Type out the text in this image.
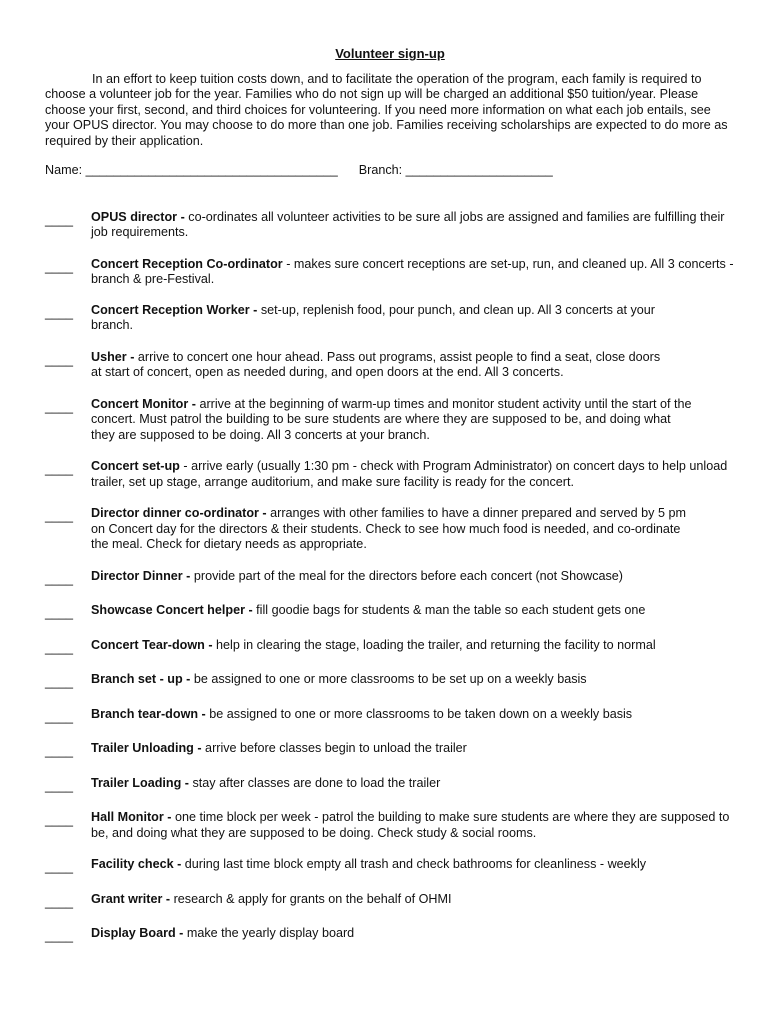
Volunteer sign-up

In an effort to keep tuition costs down, and to facilitate the operation of the program, each family is required to choose a volunteer job for the year. Families who do not sign up will be charged an additional $50 tuition/year. Please choose your first, second, and third choices for volunteering. If you need more information on what each job entails, see your OPUS director. You may choose to do more than one job. Families receiving scholarships are expected to do more as required by their application.

Name: ____________________________________ Branch: _____________________
____	OPUS director - co-ordinates all volunteer activities to be sure all jobs are assigned and families are fulfilling their job requirements.
____	Concert Reception Co-ordinator - makes sure concert receptions are set-up, run, and cleaned up. All 3 concerts - branch & pre-Festival.
____	Concert Reception Worker - set-up, replenish food, pour punch, and clean up. All 3 concerts at your branch.
____	Usher - arrive to concert one hour ahead. Pass out programs, assist people to find a seat, close doors at start of concert, open as needed during, and open doors at the end. All 3 concerts.
____	Concert Monitor - arrive at the beginning of warm-up times and monitor student activity until the start of the concert. Must patrol the building to be sure students are where they are supposed to be, and doing what they are supposed to be doing. All 3 concerts at your branch.
____	Concert set-up - arrive early (usually 1:30 pm - check with Program Administrator) on concert days to help unload trailer, set up stage, arrange auditorium, and make sure facility is ready for the concert.
____	Director dinner co-ordinator - arranges with other families to have a dinner prepared and served by 5 pm on Concert day for the directors & their students. Check to see how much food is needed, and co-ordinate the meal. Check for dietary needs as appropriate.
____	Director Dinner - provide part of the meal for the directors before each concert (not Showcase)
____	Showcase Concert helper - fill goodie bags for students & man the table so each student gets one
____	Concert Tear-down - help in clearing the stage, loading the trailer, and returning the facility to normal
____	Branch set - up - be assigned to one or more classrooms to be set up on a weekly basis
____	Branch tear-down - be assigned to one or more classrooms to be taken down on a weekly basis
____	Trailer Unloading - arrive before classes begin to unload the trailer
____	Trailer Loading - stay after classes are done to load the trailer
____	Hall Monitor - one time block per week - patrol the building to make sure students are where they are supposed to be, and doing what they are supposed to be doing. Check study & social rooms.
____	Facility check - during last time block empty all trash and check bathrooms for cleanliness - weekly
____	Grant writer - research & apply for grants on the behalf of OHMI
____	Display Board - make the yearly display board
